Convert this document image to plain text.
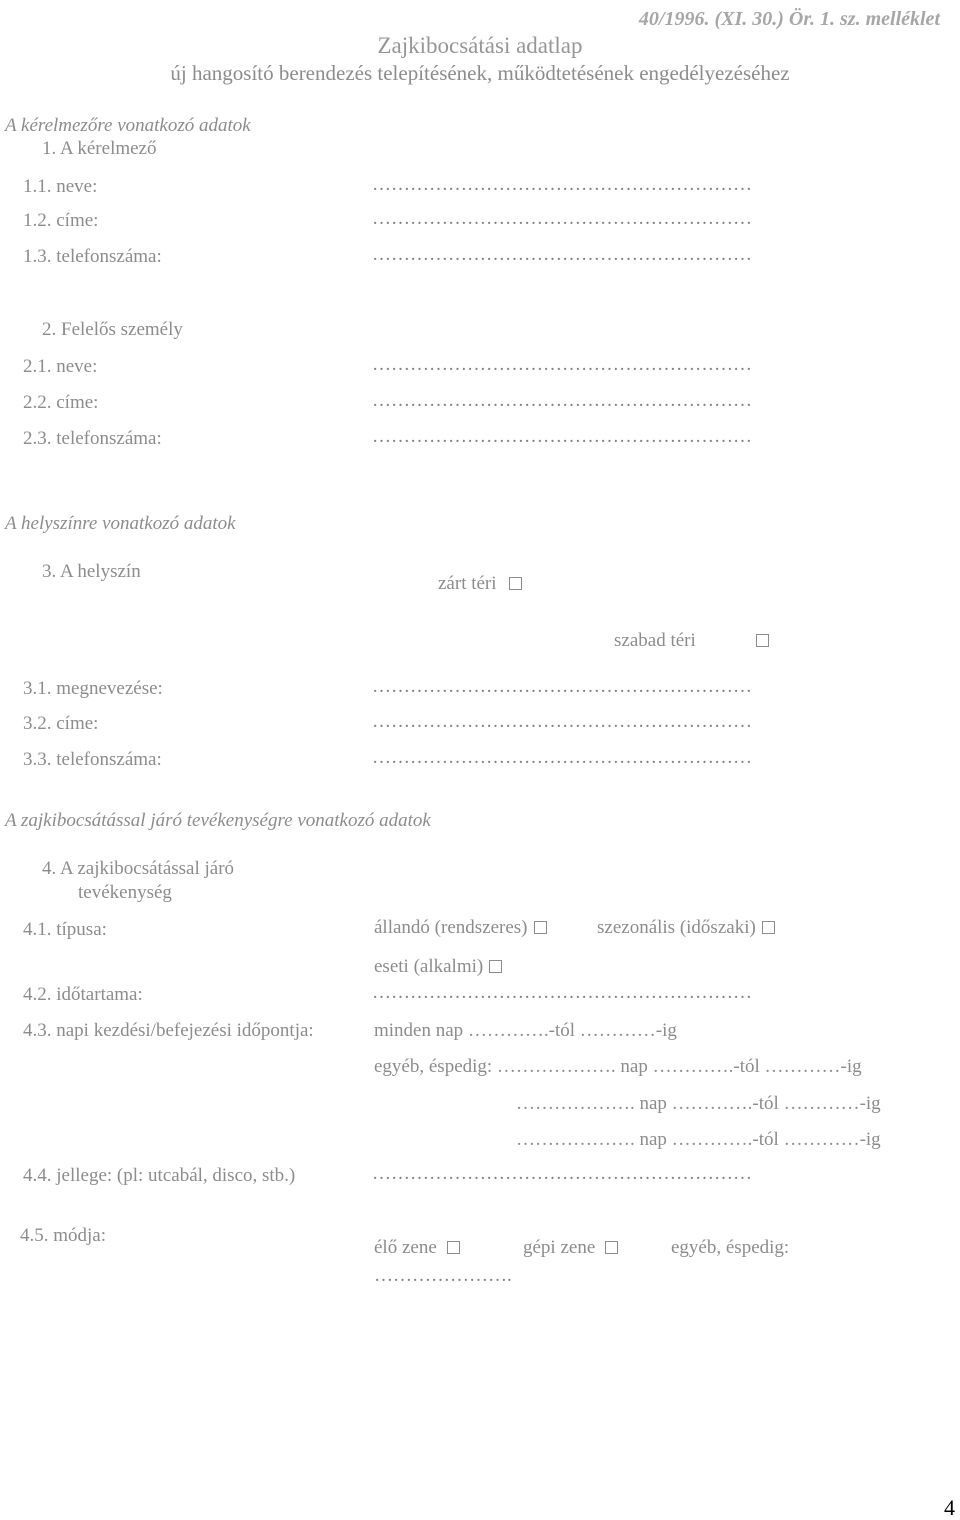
40/1996. (XI. 30.) Ör. 1. sz. melléklet
Zajkibocsátási adatlap
új hangosító berendezés telepítésének, működtetésének engedélyezéséhez
A kérelmezőre vonatkozó adatok
1. A kérelmező
1.1. neve:	……………………………………………………
1.2. címe:	……………………………………………………
1.3. telefonszáma:	……………………………………………………
2. Felelős személy
2.1. neve:	……………………………………………………
2.2. címe:	……………………………………………………
2.3. telefonszáma:	……………………………………………………
A helyszínre vonatkozó adatok
3. A helyszín
zárt téri
szabad téri
3.1. megnevezése:	……………………………………………………
3.2. címe:	……………………………………………………
3.3. telefonszáma:	……………………………………………………
A zajkibocsátással járó tevékenységre vonatkozó adatok
4. A zajkibocsátással járó
tevékenység
4.1. típusa:	állandó (rendszeres)	szezonális (időszaki)
eseti (alkalmi)
4.2. időtartama:	……………………………………………………
4.3. napi kezdési/befejezési időpontja:	minden nap ………….-tól …………-ig
egyéb, éspedig: ………………. nap ………….-tól …………-ig
………………. nap ………….-tól …………-ig
………………. nap ………….-tól …………-ig
4.4. jellege: (pl: utcabál, disco, stb.)	……………………………………………………
4.5. módja:
élő zene	gépi zene	egyéb, éspedig:
………………….
4
